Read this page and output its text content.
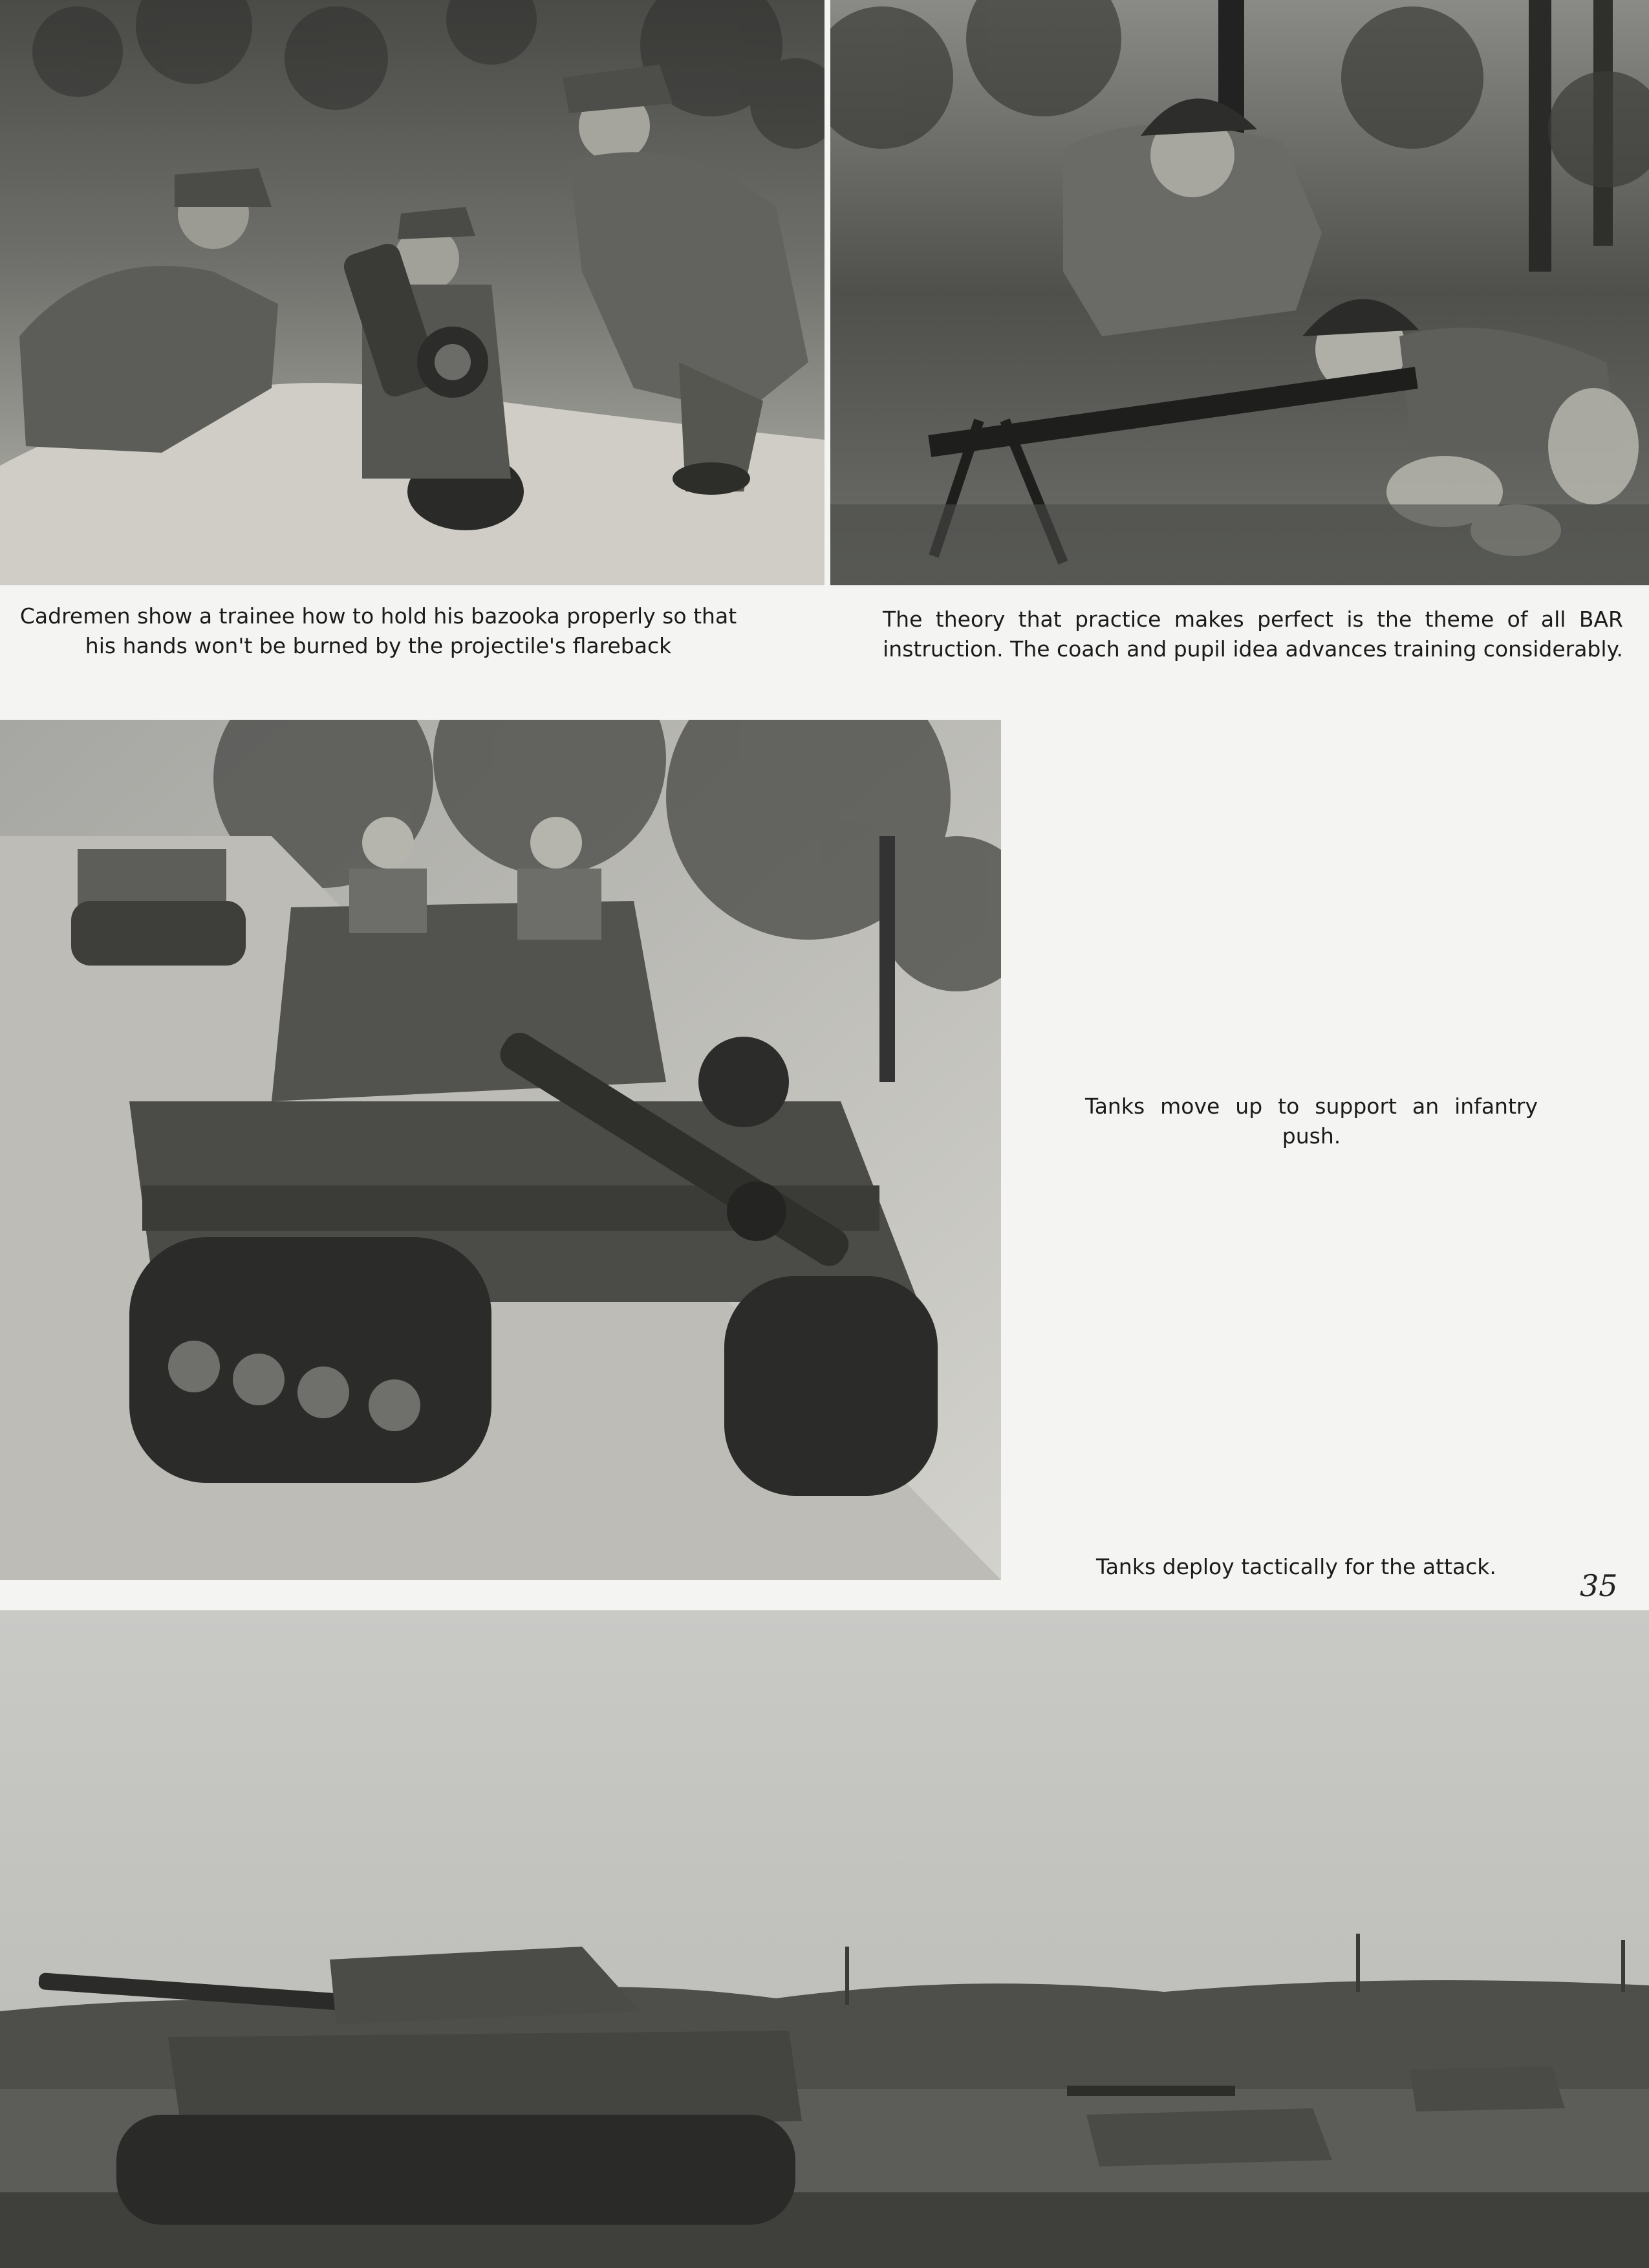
Cadremen show a trainee how to hold his bazooka properly so that his hands won't be burned by the projectile's flareback
The theory that practice makes perfect is the theme of all BAR instruction. The coach and pupil idea advances training considerably.
Tanks move up to support an infantry push.
Tanks deploy tactically for the attack.
35
